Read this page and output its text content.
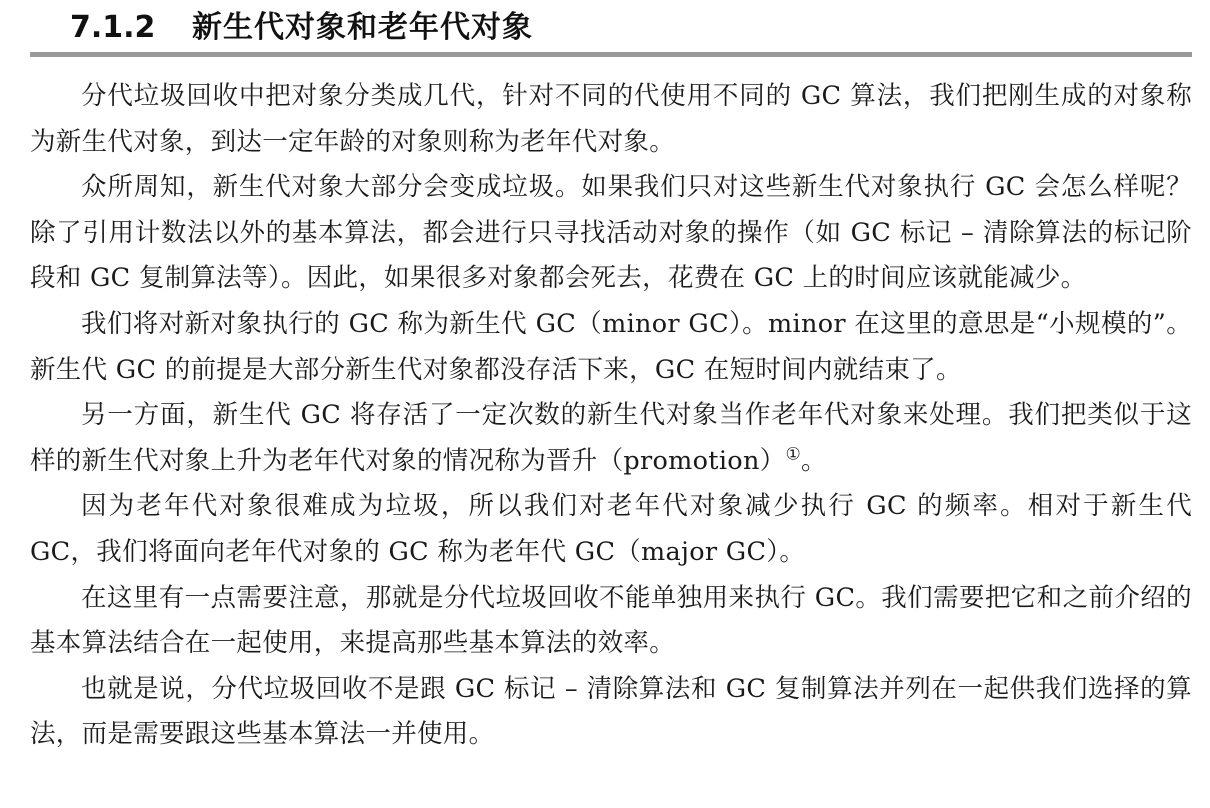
7.1.2 新生代对象和老年代对象

分代垃圾回收中把对象分类成几代，针对不同的代使用不同的 GC 算法，我们把刚生成的对象称为新生代对象，到达一定年龄的对象则称为老年代对象。

众所周知，新生代对象大部分会变成垃圾。如果我们只对这些新生代对象执行 GC 会怎么样呢？除了引用计数法以外的基本算法，都会进行只寻找活动对象的操作（如 GC 标记 – 清除算法的标记阶段和 GC 复制算法等）。因此，如果很多对象都会死去，花费在 GC 上的时间应该就能减少。

我们将对新对象执行的 GC 称为新生代 GC（minor GC）。minor 在这里的意思是“小规模的”。新生代 GC 的前提是大部分新生代对象都没存活下来，GC 在短时间内就结束了。

另一方面，新生代 GC 将存活了一定次数的新生代对象当作老年代对象来处理。我们把类似于这样的新生代对象上升为老年代对象的情况称为晋升（promotion）①。

因为老年代对象很难成为垃圾，所以我们对老年代对象减少执行 GC 的频率。相对于新生代 GC，我们将面向老年代对象的 GC 称为老年代 GC（major GC）。

在这里有一点需要注意，那就是分代垃圾回收不能单独用来执行 GC。我们需要把它和之前介绍的基本算法结合在一起使用，来提高那些基本算法的效率。

也就是说，分代垃圾回收不是跟 GC 标记 – 清除算法和 GC 复制算法并列在一起供我们选择的算法，而是需要跟这些基本算法一并使用。
